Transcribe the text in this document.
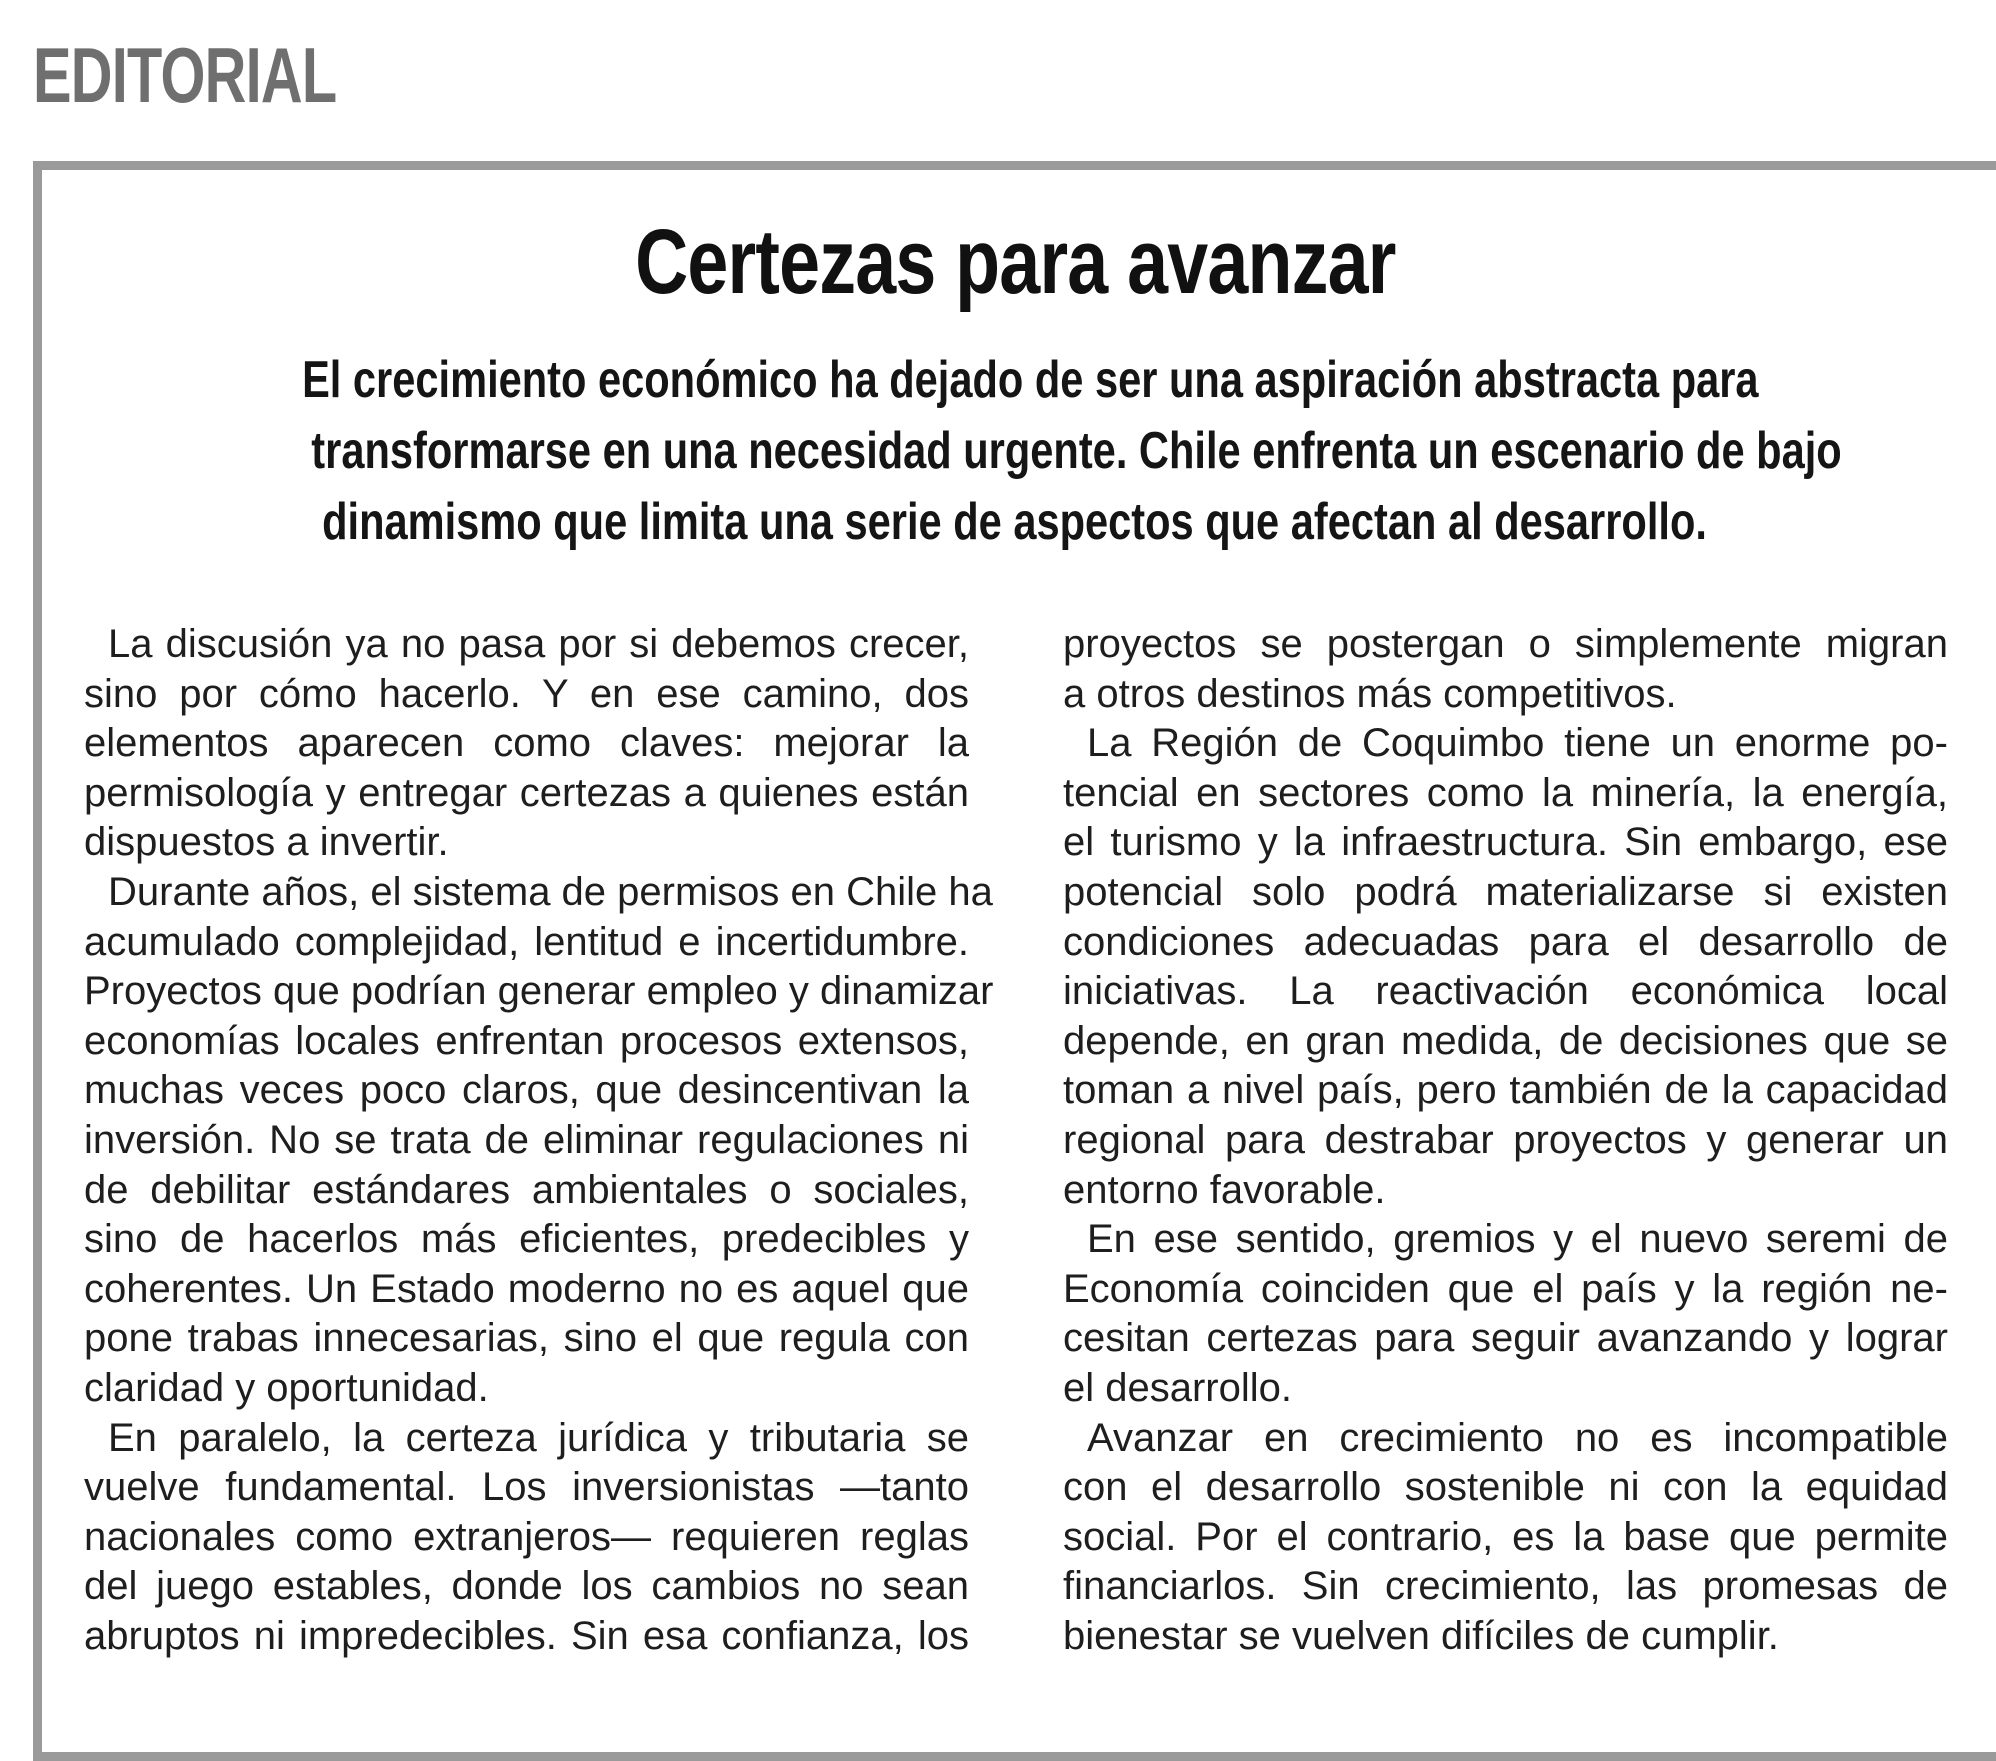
EDITORIAL
Certezas para avanzar
El crecimiento económico ha dejado de ser una aspiración abstracta para
transformarse en una necesidad urgente. Chile enfrenta un escenario de bajo
dinamismo que limita una serie de aspectos que afectan al desarrollo.
La discusión ya no pasa por si debemos crecer,
sino por cómo hacerlo. Y en ese camino, dos
elementos aparecen como claves: mejorar la
permisología y entregar certezas a quienes están
dispuestos a invertir.
Durante años, el sistema de permisos en Chile ha
acumulado complejidad, lentitud e incertidumbre.
Proyectos que podrían generar empleo y dinamizar
economías locales enfrentan procesos extensos,
muchas veces poco claros, que desincentivan la
inversión. No se trata de eliminar regulaciones ni
de debilitar estándares ambientales o sociales,
sino de hacerlos más eficientes, predecibles y
coherentes. Un Estado moderno no es aquel que
pone trabas innecesarias, sino el que regula con
claridad y oportunidad.
En paralelo, la certeza jurídica y tributaria se
vuelve fundamental. Los inversionistas —tanto
nacionales como extranjeros— requieren reglas
del juego estables, donde los cambios no sean
abruptos ni impredecibles. Sin esa confianza, los
proyectos se postergan o simplemente migran
a otros destinos más competitivos.
La Región de Coquimbo tiene un enorme po-
tencial en sectores como la minería, la energía,
el turismo y la infraestructura. Sin embargo, ese
potencial solo podrá materializarse si existen
condiciones adecuadas para el desarrollo de
iniciativas. La reactivación económica local
depende, en gran medida, de decisiones que se
toman a nivel país, pero también de la capacidad
regional para destrabar proyectos y generar un
entorno favorable.
En ese sentido, gremios y el nuevo seremi de
Economía coinciden que el país y la región ne-
cesitan certezas para seguir avanzando y lograr
el desarrollo.
Avanzar en crecimiento no es incompatible
con el desarrollo sostenible ni con la equidad
social. Por el contrario, es la base que permite
financiarlos. Sin crecimiento, las promesas de
bienestar se vuelven difíciles de cumplir.
